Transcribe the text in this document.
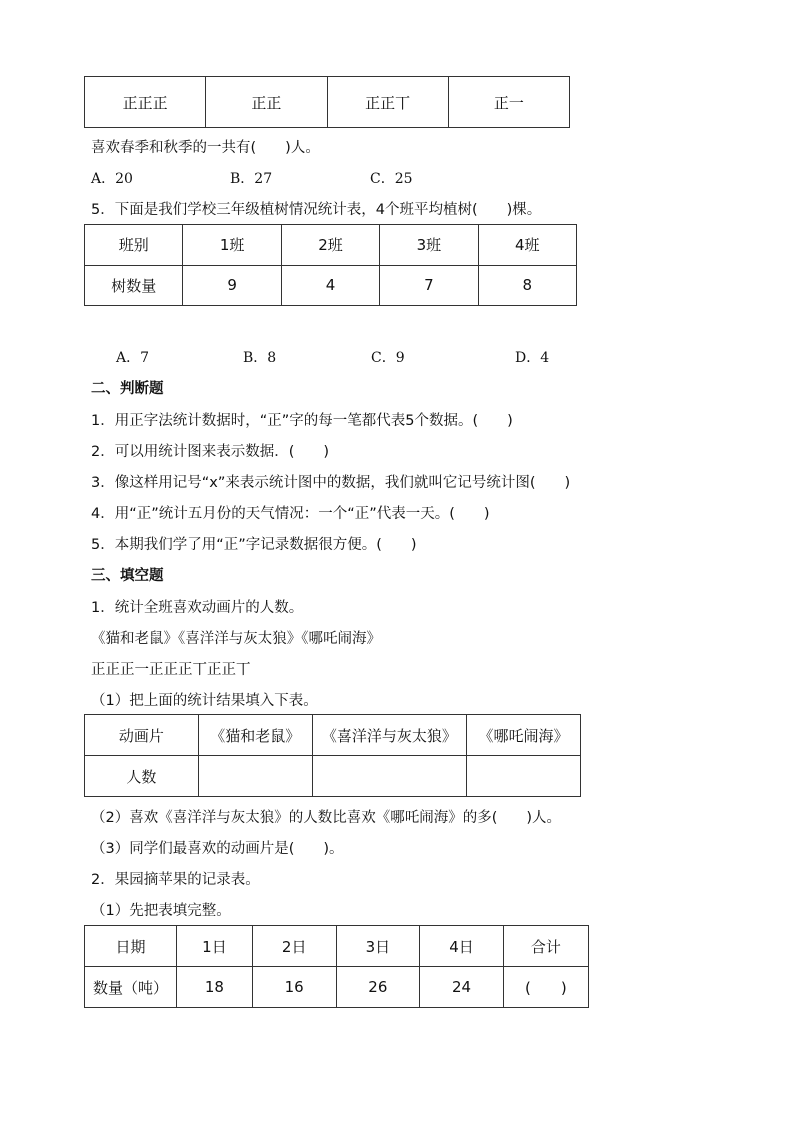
正正正	正正	正正丅	正一
喜欢春季和秋季的一共有(　　)人。
A．20	B．27	C．25
5．下面是我们学校三年级植树情况统计表，4个班平均植树(　　)棵。
班别	1班	2班	3班	4班
树数量	9	4	7	8
A．7	B．8	C．9	D．4
二、判断题
1．用正字法统计数据时，“正”字的每一笔都代表5个数据。(　　)
2．可以用统计图来表示数据．(　　)
3．像这样用记号“x”来表示统计图中的数据，我们就叫它记号统计图(　　)
4．用“正”统计五月份的天气情况：一个“正”代表一天。(　　)
5．本期我们学了用“正”字记录数据很方便。(　　)
三、填空题
1．统计全班喜欢动画片的人数。
《猫和老鼠》《喜洋洋与灰太狼》《哪吒闹海》
正正正一正正正丅正正丅
（1）把上面的统计结果填入下表。
动画片	《猫和老鼠》	《喜洋洋与灰太狼》	《哪吒闹海》
人数			
（2）喜欢《喜洋洋与灰太狼》的人数比喜欢《哪吒闹海》的多(　　)人。
（3）同学们最喜欢的动画片是(　　)。
2．果园摘苹果的记录表。
（1）先把表填完整。
日期	1日	2日	3日	4日	合计
数量（吨）	18	16	26	24	(　　)
